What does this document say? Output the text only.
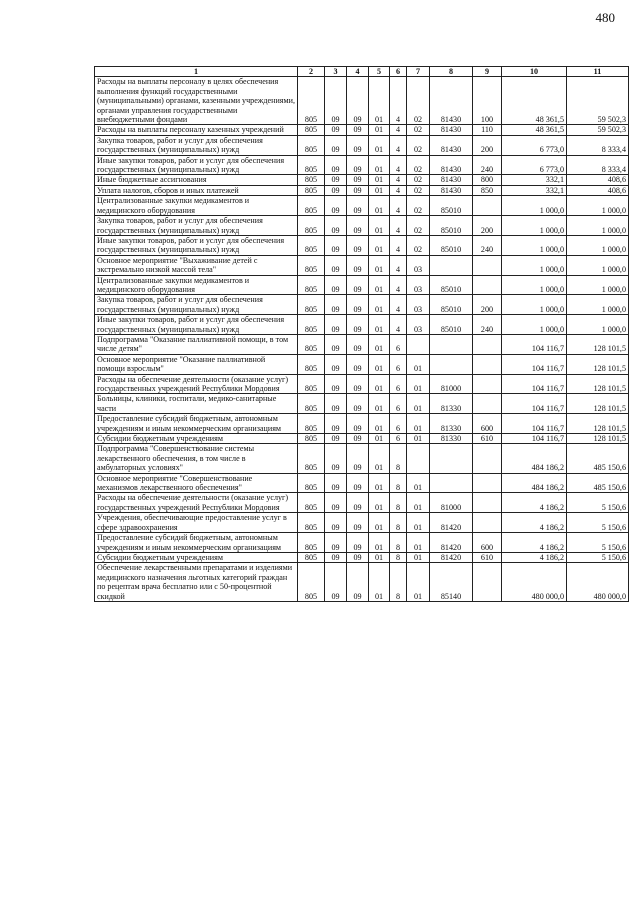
480
1	2	3	4	5	6	7	8	9	10	11
Расходы на выплаты персоналу в целях обеспечения выполнения функций государственными (муниципальными) органами, казенными учреждениями, органами управления государственными внебюджетными фондами	805	09	09	01	4	02	81430	100	48 361,5	59 502,3
Расходы на выплаты персоналу казенных учреждений	805	09	09	01	4	02	81430	110	48 361,5	59 502,3
Закупка товаров, работ и услуг для обеспечения государственных (муниципальных) нужд	805	09	09	01	4	02	81430	200	6 773,0	8 333,4
Иные закупки товаров, работ и услуг для обеспечения государственных (муниципальных) нужд	805	09	09	01	4	02	81430	240	6 773,0	8 333,4
Иные бюджетные ассигнования	805	09	09	01	4	02	81430	800	332,1	408,6
Уплата налогов, сборов и иных платежей	805	09	09	01	4	02	81430	850	332,1	408,6
Централизованные закупки медикаментов и медицинского оборудования	805	09	09	01	4	02	85010		1 000,0	1 000,0
Закупка товаров, работ и услуг для обеспечения государственных (муниципальных) нужд	805	09	09	01	4	02	85010	200	1 000,0	1 000,0
Иные закупки товаров, работ и услуг для обеспечения государственных (муниципальных) нужд	805	09	09	01	4	02	85010	240	1 000,0	1 000,0
Основное мероприятие "Выхаживание детей с экстремально низкой массой тела"	805	09	09	01	4	03			1 000,0	1 000,0
Централизованные закупки медикаментов и медицинского оборудования	805	09	09	01	4	03	85010		1 000,0	1 000,0
Закупка товаров, работ и услуг для обеспечения государственных (муниципальных) нужд	805	09	09	01	4	03	85010	200	1 000,0	1 000,0
Иные закупки товаров, работ и услуг для обеспечения государственных (муниципальных) нужд	805	09	09	01	4	03	85010	240	1 000,0	1 000,0
Подпрограмма "Оказание паллиативной помощи, в том числе детям"	805	09	09	01	6				104 116,7	128 101,5
Основное мероприятие "Оказание паллиативной помощи взрослым"	805	09	09	01	6	01			104 116,7	128 101,5
Расходы на обеспечение деятельности (оказание услуг) государственных учреждений Республики Мордовия	805	09	09	01	6	01	81000		104 116,7	128 101,5
Больницы, клиники, госпитали, медико-санитарные части	805	09	09	01	6	01	81330		104 116,7	128 101,5
Предоставление субсидий бюджетным, автономным учреждениям и иным некоммерческим организациям	805	09	09	01	6	01	81330	600	104 116,7	128 101,5
Субсидии бюджетным учреждениям	805	09	09	01	6	01	81330	610	104 116,7	128 101,5
Подпрограмма "Совершенствование системы лекарственного обеспечения, в том числе в амбулаторных условиях"	805	09	09	01	8				484 186,2	485 150,6
Основное мероприятие "Совершенствование механизмов лекарственного обеспечения"	805	09	09	01	8	01			484 186,2	485 150,6
Расходы на обеспечение деятельности (оказание услуг) государственных учреждений Республики Мордовия	805	09	09	01	8	01	81000		4 186,2	5 150,6
Учреждения, обеспечивающие предоставление услуг в сфере здравоохранения	805	09	09	01	8	01	81420		4 186,2	5 150,6
Предоставление субсидий бюджетным, автономным учреждениям и иным некоммерческим организациям	805	09	09	01	8	01	81420	600	4 186,2	5 150,6
Субсидии бюджетным учреждениям	805	09	09	01	8	01	81420	610	4 186,2	5 150,6
Обеспечение лекарственными препаратами и изделиями медицинского назначения льготных категорий граждан по рецептам врача бесплатно или с 50-процентной скидкой	805	09	09	01	8	01	85140		480 000,0	480 000,0
